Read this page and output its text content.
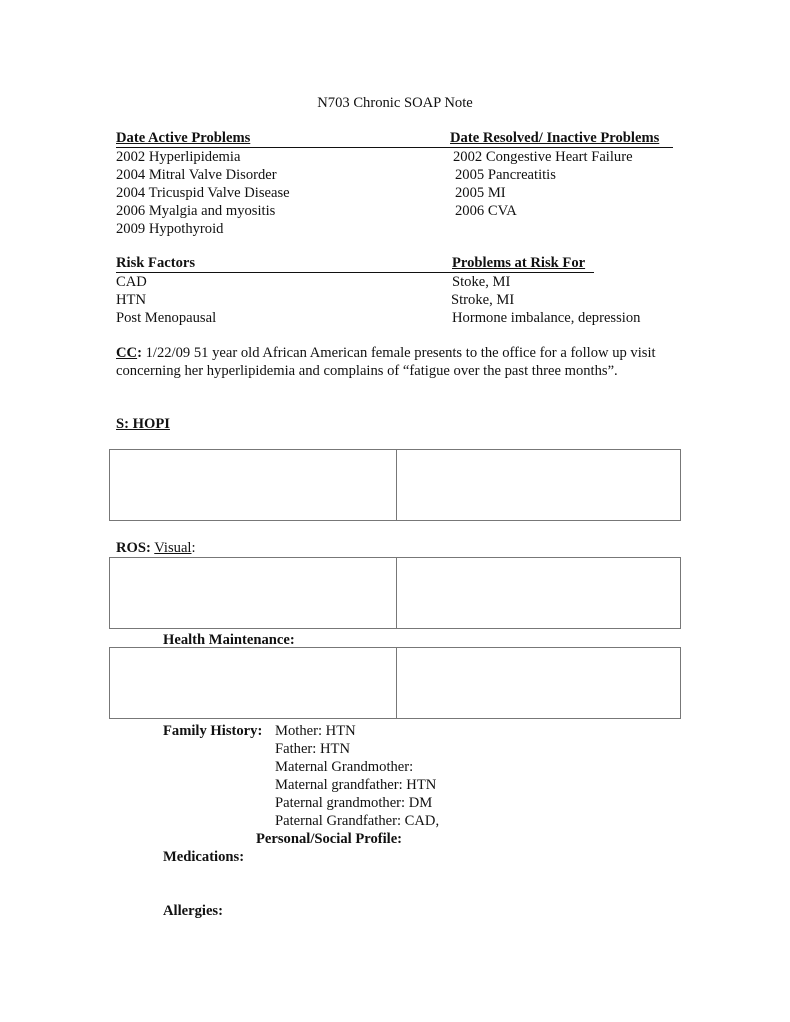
N703 Chronic SOAP Note
Date Active Problems	Date Resolved/ Inactive Problems
2002 Hyperlipidemia
2004 Mitral Valve Disorder
2004 Tricuspid Valve Disease
2006 Myalgia and myositis
2009 Hypothyroid
2002 Congestive Heart Failure
2005 Pancreatitis
2005 MI
2006 CVA
Risk Factors	Problems at Risk For
CAD
HTN
Post Menopausal
Stoke, MI
Stroke, MI
Hormone imbalance, depression
CC: 1/22/09 51 year old African American female presents to the office for a follow up visit concerning her hyperlipidemia and complains of “fatigue over the past three months”.
S: HOPI
ROS: Visual:
Health Maintenance:
Family History: Mother: HTN
Father: HTN
Maternal Grandmother:
Maternal grandfather: HTN
Paternal grandmother: DM
Paternal Grandfather: CAD,
Personal/Social Profile:
Medications:
Allergies:
